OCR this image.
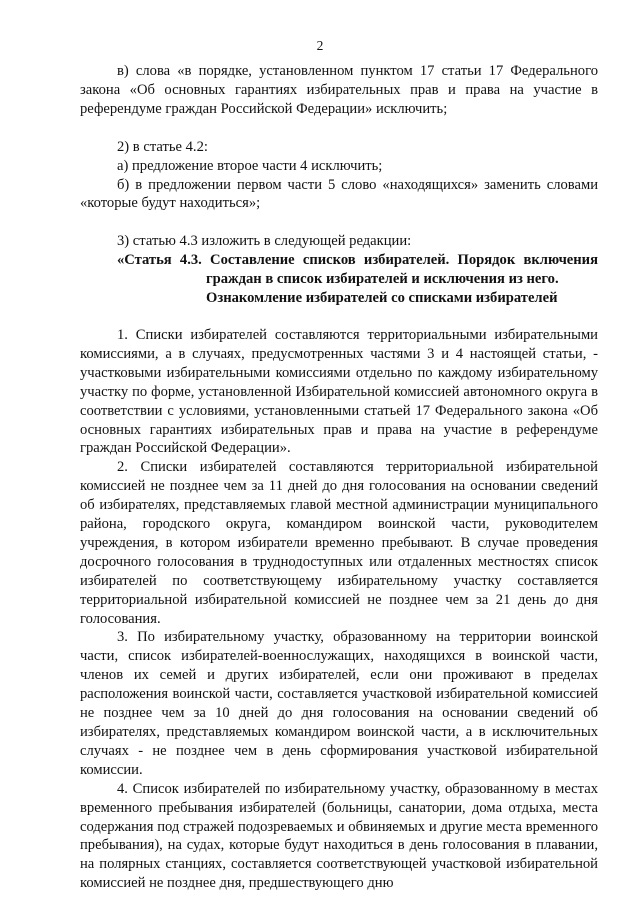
2

в) слова «в порядке, установленном пунктом 17 статьи 17 Федерального закона «Об основных гарантиях избирательных прав и права на участие в референдуме граждан Российской Федерации» исключить;

2) в статье 4.2:

а) предложение второе части 4 исключить;

б) в предложении первом части 5 слово «находящихся» заменить словами «которые будут находиться»;

3) статью 4.3 изложить в следующей редакции:

«Статья 4.3. Составление списков избирателей. Порядок включения
граждан в список избирателей и исключения из него.
Ознакомление избирателей со списками избирателей

1. Списки избирателей составляются территориальными избирательными комиссиями, а в случаях, предусмотренных частями 3 и 4 настоящей статьи, - участковыми избирательными комиссиями отдельно по каждому избирательному участку по форме, установленной Избирательной комиссией автономного округа в соответствии с условиями, установленными статьей 17 Федерального закона «Об основных гарантиях избирательных прав и права на участие в референдуме граждан Российской Федерации».

2. Списки избирателей составляются территориальной избирательной комиссией не позднее чем за 11 дней до дня голосования на основании сведений об избирателях, представляемых главой местной администрации муниципального района, городского округа, командиром воинской части, руководителем учреждения, в котором избиратели временно пребывают. В случае проведения досрочного голосования в труднодоступных или отдаленных местностях список избирателей по соответствующему избирательному участку составляется территориальной избирательной комиссией не позднее чем за 21 день до дня голосования.

3. По избирательному участку, образованному на территории воинской части, список избирателей-военнослужащих, находящихся в воинской части, членов их семей и других избирателей, если они проживают в пределах расположения воинской части, составляется участковой избирательной комиссией не позднее чем за 10 дней до дня голосования на основании сведений об избирателях, представляемых командиром воинской части, а в исключительных случаях - не позднее чем в день сформирования участковой избирательной комиссии.

4. Список избирателей по избирательному участку, образованному в местах временного пребывания избирателей (больницы, санатории, дома отдыха, места содержания под стражей подозреваемых и обвиняемых и другие места временного пребывания), на судах, которые будут находиться в день голосования в плавании, на полярных станциях, составляется соответствующей участковой избирательной комиссией не позднее дня, предшествующего дню
